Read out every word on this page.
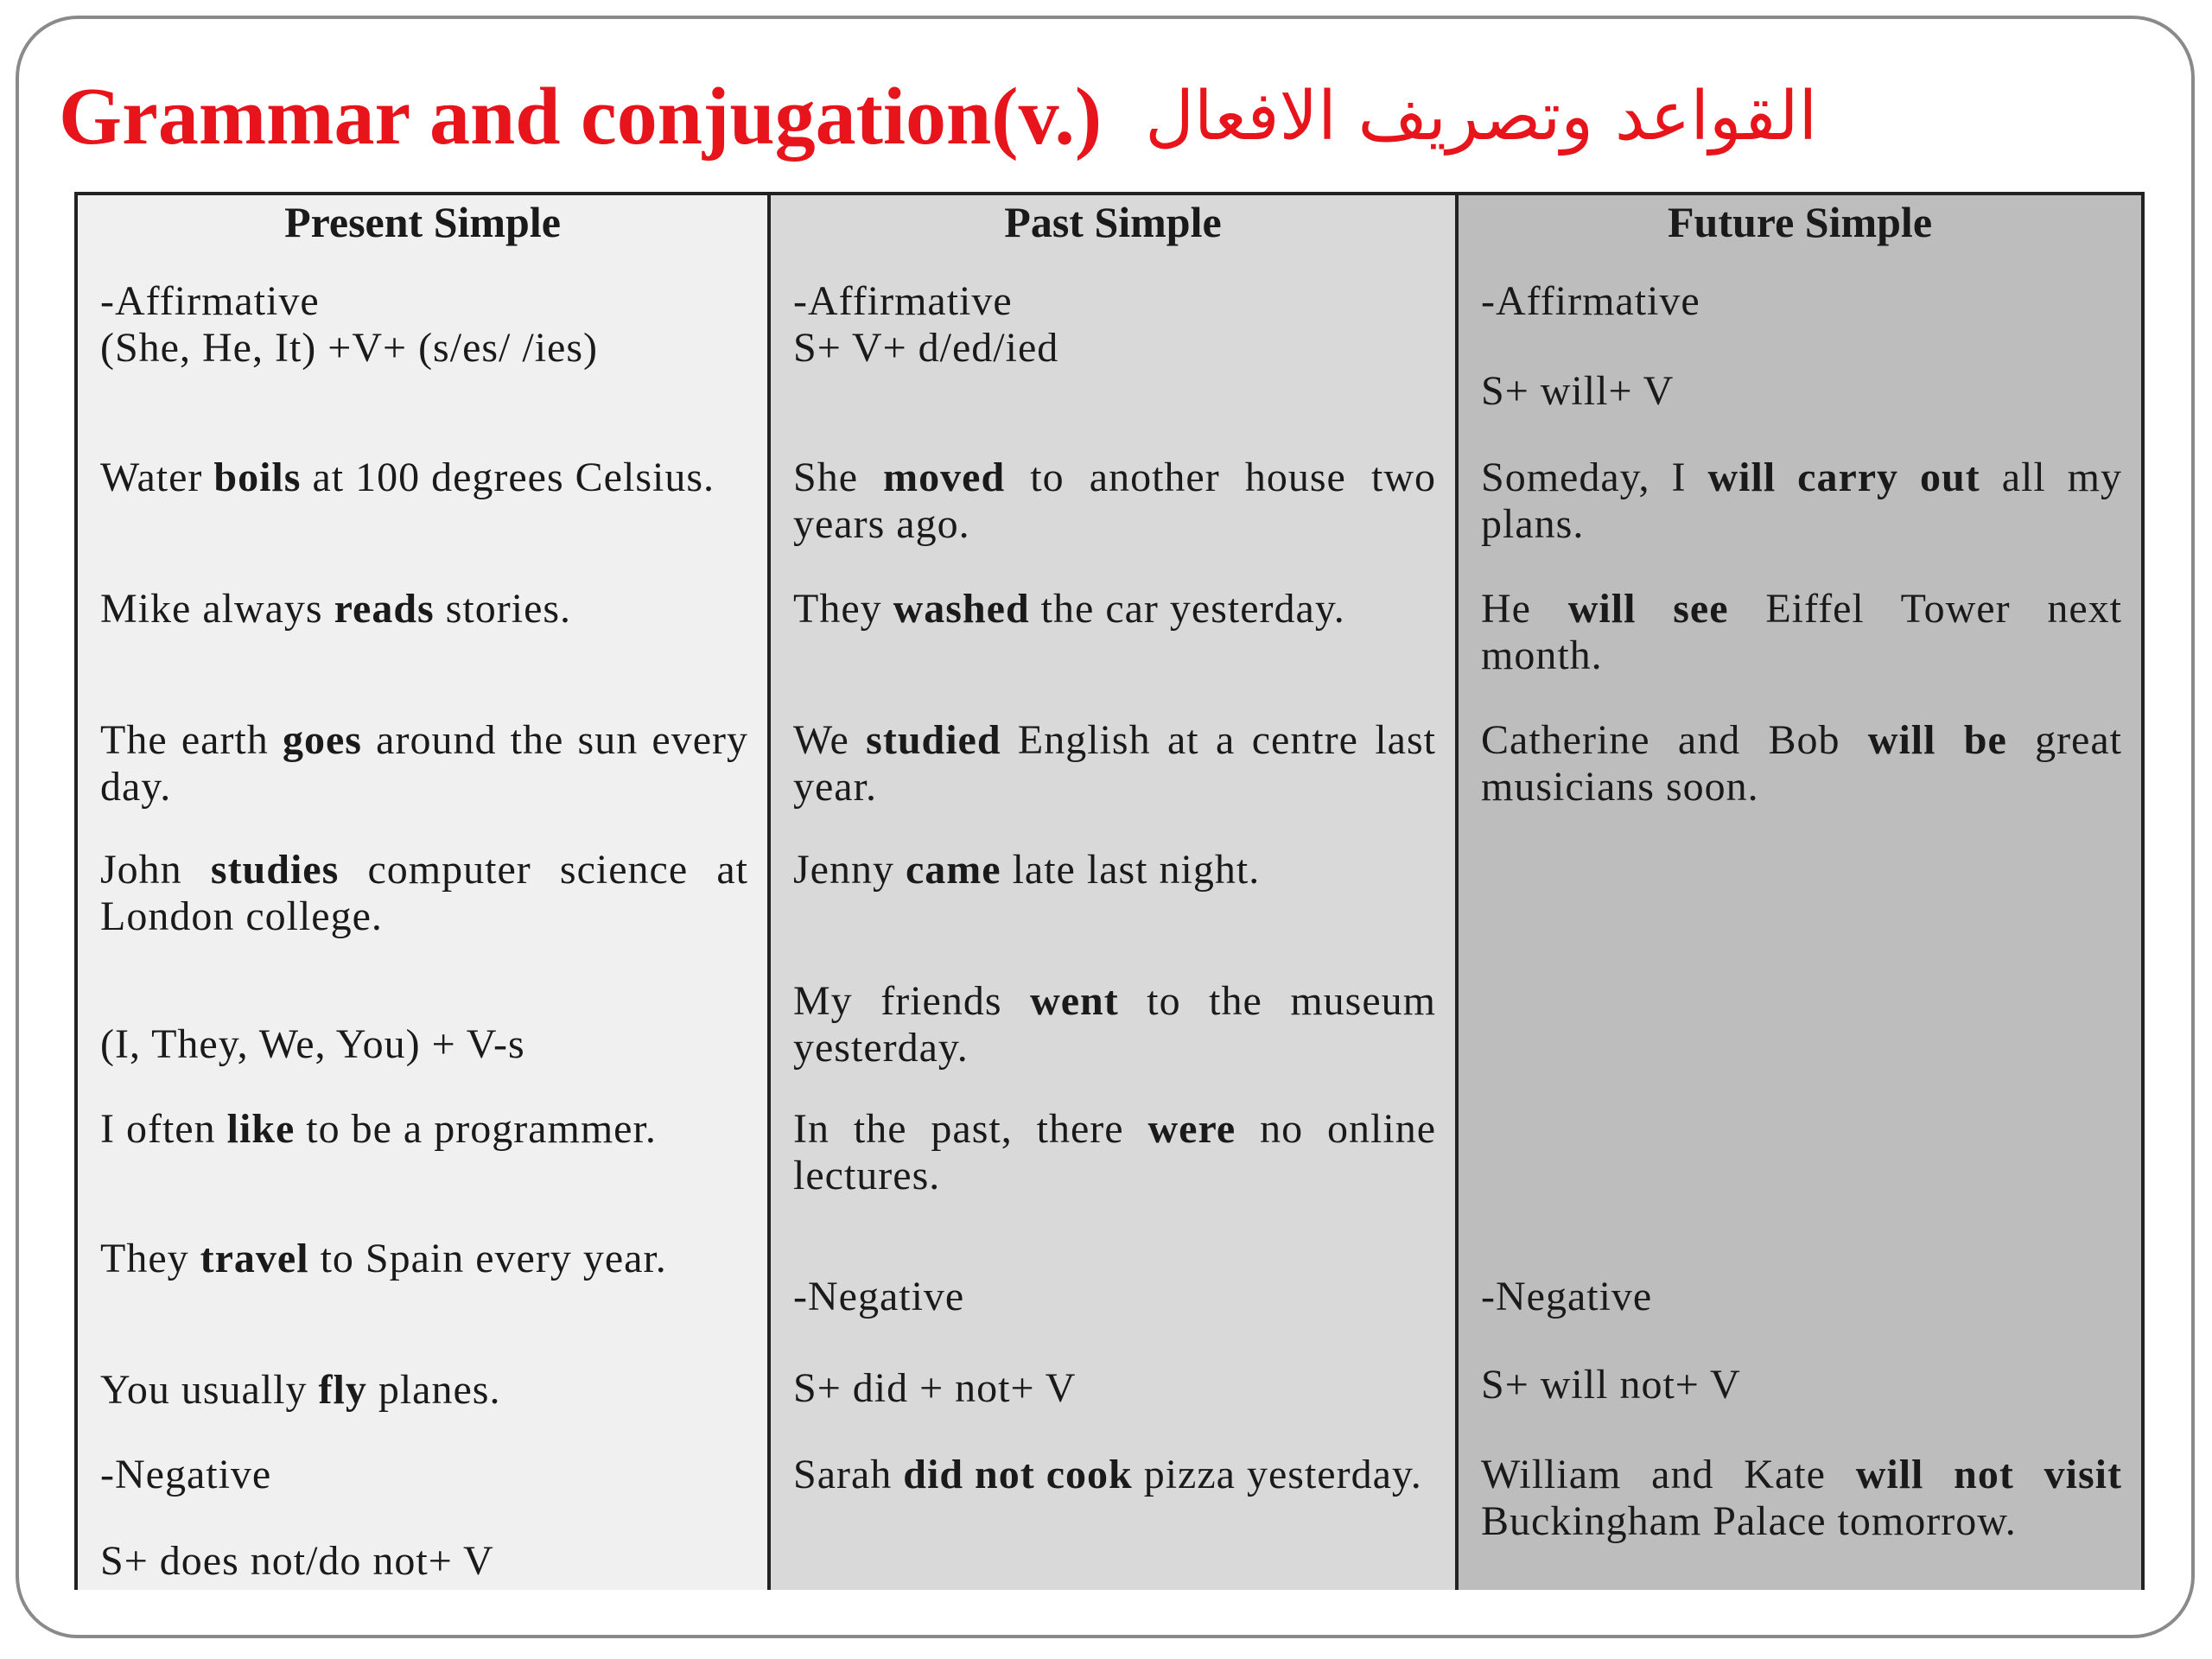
Grammar and conjugation(v.) القواعد وتصريف الافعال
Present Simple
-Affirmative
(She, He, It) +V+ (s/es/ /ies)
Water boils at 100 degrees Celsius.
Mike always reads stories.
The earth goes around the sun every day.
John studies computer science at London college.
(I, They, We, You) + V-s
I often like to be a programmer.
They travel to Spain every year.
You usually fly planes.
-Negative
S+ does not/do not+ V
Past Simple
-Affirmative
S+ V+ d/ed/ied
She moved to another house two years ago.
They washed the car yesterday.
We studied English at a centre last year.
Jenny came late last night.
My friends went to the museum yesterday.
In the past, there were no online lectures.
-Negative
S+ did + not+ V
Sarah did not cook pizza yesterday.
Future Simple
-Affirmative
S+ will+ V
Someday, I will carry out all my plans.
He will see Eiffel Tower next month.
Catherine and Bob will be great musicians soon.
-Negative
S+ will not+ V
William and Kate will not visit Buckingham Palace tomorrow.
